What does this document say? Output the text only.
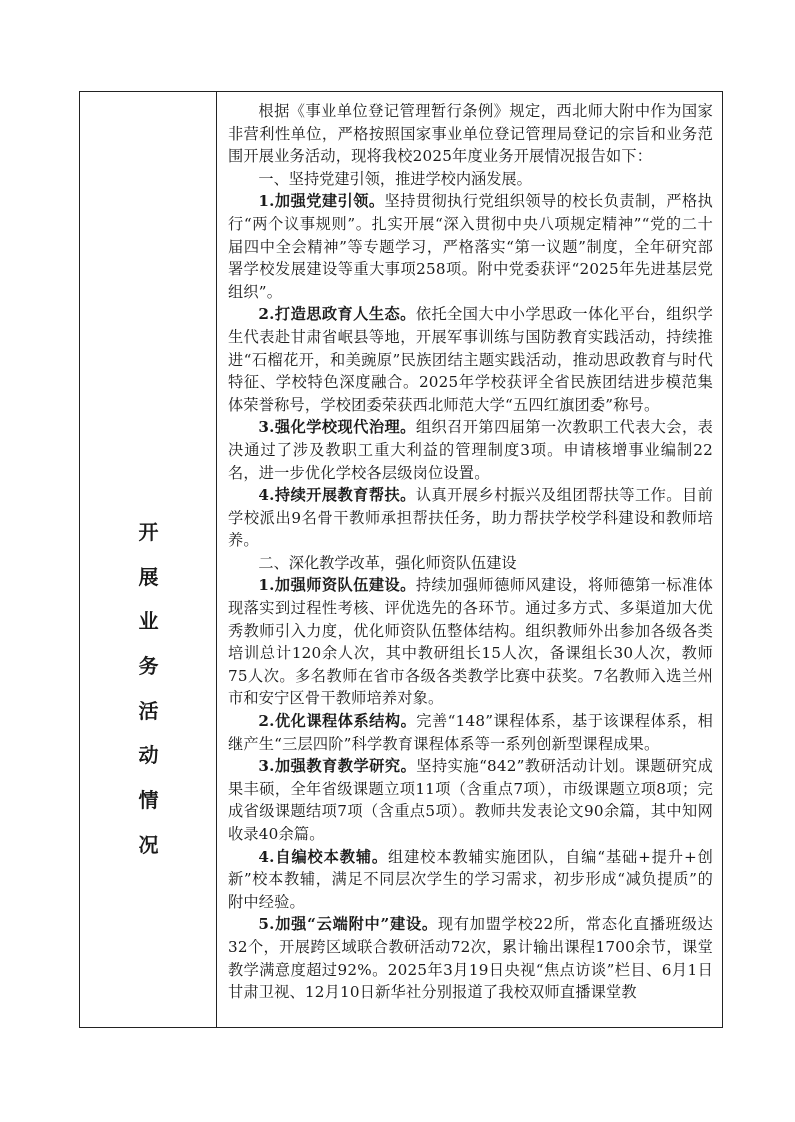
开
展
业
务
活
动
情
况

根据《事业单位登记管理暂行条例》规定，西北师大附中作为国家非营利性单位，严格按照国家事业单位登记管理局登记的宗旨和业务范围开展业务活动，现将我校2025年度业务开展情况报告如下：

一、坚持党建引领，推进学校内涵发展。

1.加强党建引领。坚持贯彻执行党组织领导的校长负责制，严格执行“两个议事规则”。扎实开展“深入贯彻中央八项规定精神”“党的二十届四中全会精神”等专题学习，严格落实“第一议题”制度，全年研究部署学校发展建设等重大事项258项。附中党委获评“2025年先进基层党组织”。

2.打造思政育人生态。依托全国大中小学思政一体化平台，组织学生代表赴甘肃省岷县等地，开展军事训练与国防教育实践活动，持续推进“石榴花开，和美豌原”民族团结主题实践活动，推动思政教育与时代特征、学校特色深度融合。2025年学校获评全省民族团结进步模范集体荣誉称号，学校团委荣获西北师范大学“五四红旗团委”称号。

3.强化学校现代治理。组织召开第四届第一次教职工代表大会，表决通过了涉及教职工重大利益的管理制度3项。申请核增事业编制22名，进一步优化学校各层级岗位设置。

4.持续开展教育帮扶。认真开展乡村振兴及组团帮扶等工作。目前学校派出9名骨干教师承担帮扶任务，助力帮扶学校学科建设和教师培养。

二、深化教学改革，强化师资队伍建设

1.加强师资队伍建设。持续加强师德师风建设，将师德第一标准体现落实到过程性考核、评优选先的各环节。通过多方式、多渠道加大优秀教师引入力度，优化师资队伍整体结构。组织教师外出参加各级各类培训总计120余人次，其中教研组长15人次，备课组长30人次，教师75人次。多名教师在省市各级各类教学比赛中获奖。7名教师入选兰州市和安宁区骨干教师培养对象。

2.优化课程体系结构。完善“148”课程体系，基于该课程体系，相继产生“三层四阶”科学教育课程体系等一系列创新型课程成果。

3.加强教育教学研究。坚持实施“842”教研活动计划。课题研究成果丰硕，全年省级课题立项11项（含重点7项），市级课题立项8项；完成省级课题结项7项（含重点5项）。教师共发表论文90余篇，其中知网收录40余篇。

4.自编校本教辅。组建校本教辅实施团队，自编“基础+提升+创新”校本教辅，满足不同层次学生的学习需求，初步形成“减负提质”的附中经验。

5.加强“云端附中”建设。现有加盟学校22所，常态化直播班级达32个，开展跨区域联合教研活动72次，累计输出课程1700余节，课堂教学满意度超过92%。2025年3月19日央视“焦点访谈”栏目、6月1日甘肃卫视、12月10日新华社分别报道了我校双师直播课堂教
